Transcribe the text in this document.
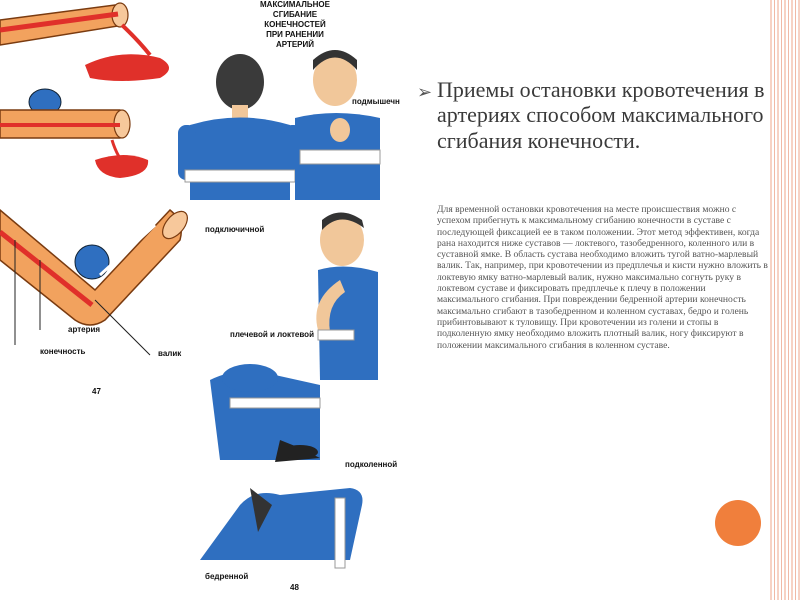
артерия
конечность	валик
47
МАКСИМАЛЬНОЕ
СГИБАНИЕ
КОНЕЧНОСТЕЙ
ПРИ РАНЕНИИ
АРТЕРИЙ
подмышечн
подключичной
плечевой и локтевой
подколенной
бедренной
48
➢ Приемы остановки кровотечения в артериях способом максимального сгибания конечности.

Для временной остановки кровотечения на месте происшествия можно с успехом прибегнуть к максимальному сгибанию конечности в суставе с последующей фиксацией ее в таком положении. Этот метод эффективен, когда рана находится ниже суставов — локтевого, тазобедренного, коленного или в суставной ямке. В область сустава необходимо вложить тугой ватно-марлевый валик. Так, например, при кровотечении из предплечья и кисти нужно вложить в локтевую ямку ватно-марлевый валик, нужно максимально согнуть руку в локтевом суставе и фиксировать предплечье к плечу в положении максимального сгибания. При повреждении бедренной артерии конечность максимально сгибают в тазобедренном и коленном суставах, бедро и голень прибинтовывают к туловищу. При кровотечении из голени и стопы в подколенную ямку необходимо вложить плотный валик, ногу фиксируют в положении максимального сгибания в коленном суставе.
